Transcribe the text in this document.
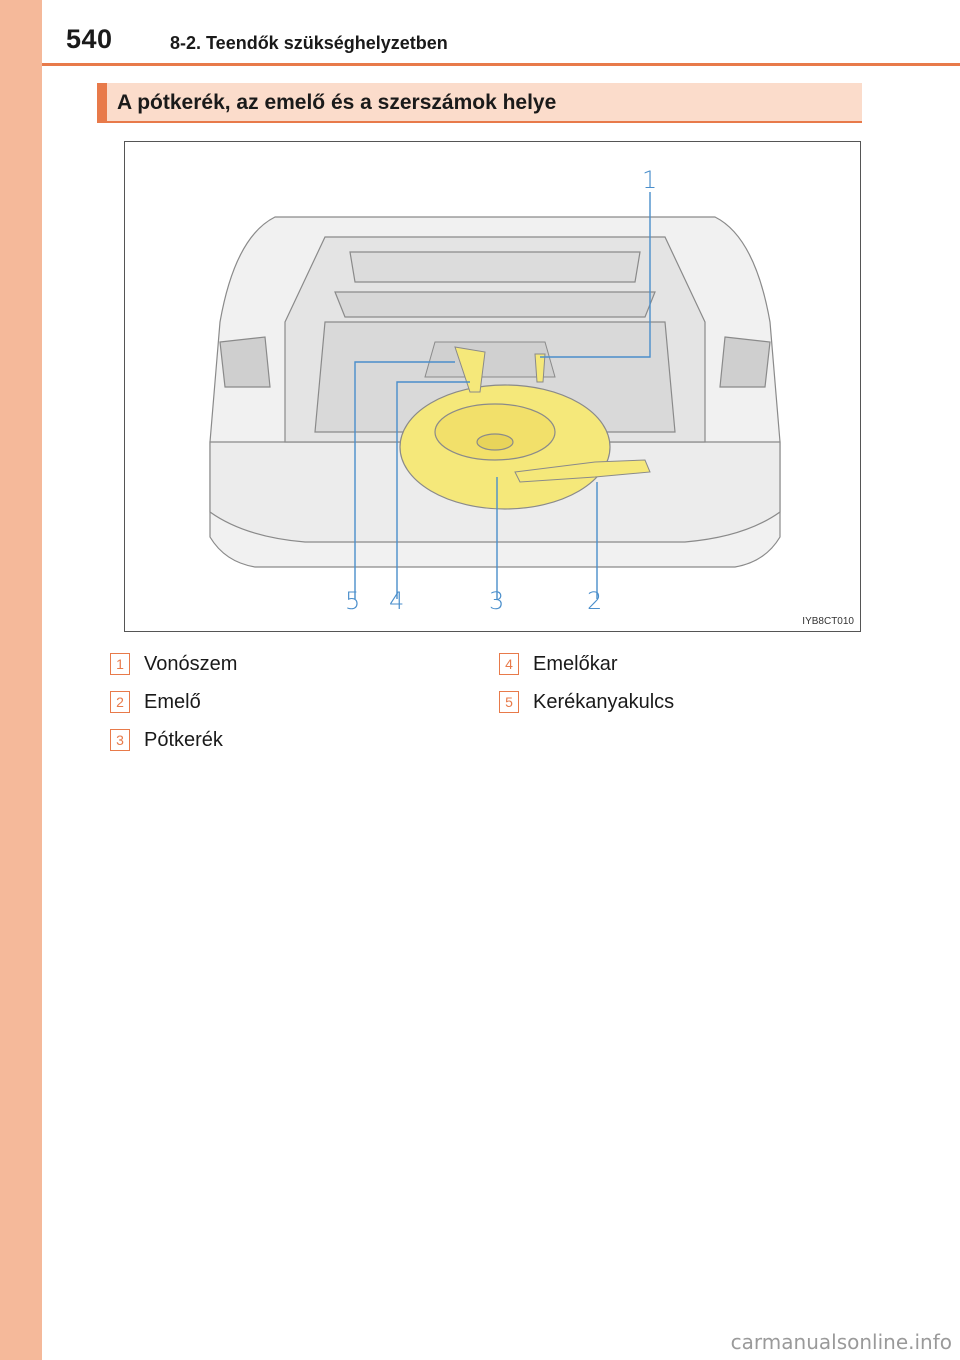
540	8-2. Teendők szükséghelyzetben
A pótkerék, az emelő és a szerszámok helye
1
2
3
4
5
IYB8CT010
1	Vonószem
2	Emelő
3	Pótkerék
4	Emelőkar
5	Kerékanyakulcs
carmanualsonline.info
